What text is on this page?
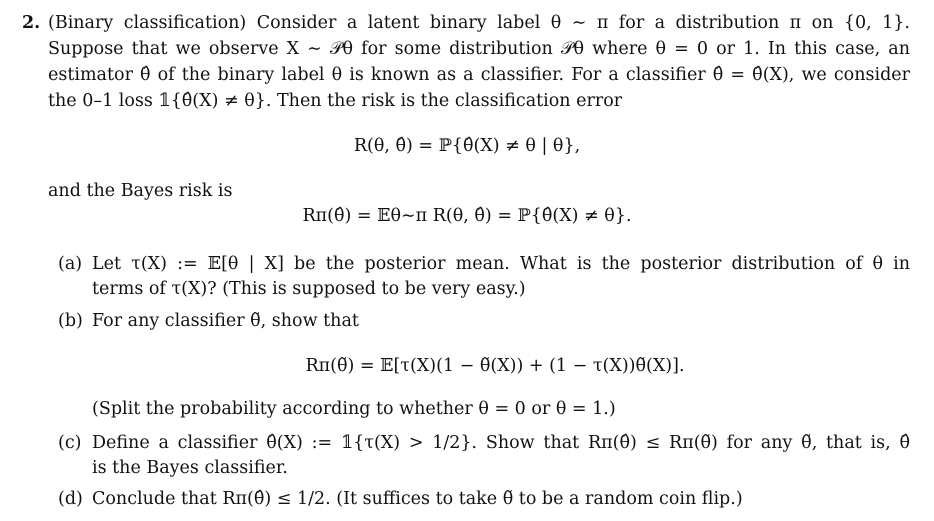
2. (Binary classification) Consider a latent binary label θ ∼ π for a distribution π on {0, 1}.
Suppose that we observe X ∼ 𝒫θ for some distribution 𝒫θ where θ = 0 or 1. In this case, an
estimator θ̂ of the binary label θ is known as a classifier. For a classifier θ̂ = θ̂(X), we consider
the 0–1 loss 𝟙{θ̂(X) ≠ θ}. Then the risk is the classification error
R(θ, θ̂) = ℙ{θ̂(X) ≠ θ | θ},
and the Bayes risk is
Rπ(θ̂) = 𝔼θ∼π R(θ, θ̂) = ℙ{θ̂(X) ≠ θ}.
(a) Let τ(X) := 𝔼[θ | X] be the posterior mean. What is the posterior distribution of θ in
terms of τ(X)? (This is supposed to be very easy.)
(b) For any classifier θ̃, show that
Rπ(θ̃) = 𝔼[τ(X)(1 − θ̃(X)) + (1 − τ(X))θ̃(X)].
(Split the probability according to whether θ = 0 or θ = 1.)
(c) Define a classifier θ̂(X) := 𝟙{τ(X) > 1/2}. Show that Rπ(θ̂) ≤ Rπ(θ̃) for any θ̃, that is, θ̂
is the Bayes classifier.
(d) Conclude that Rπ(θ̂) ≤ 1/2. (It suffices to take θ̃ to be a random coin flip.)
